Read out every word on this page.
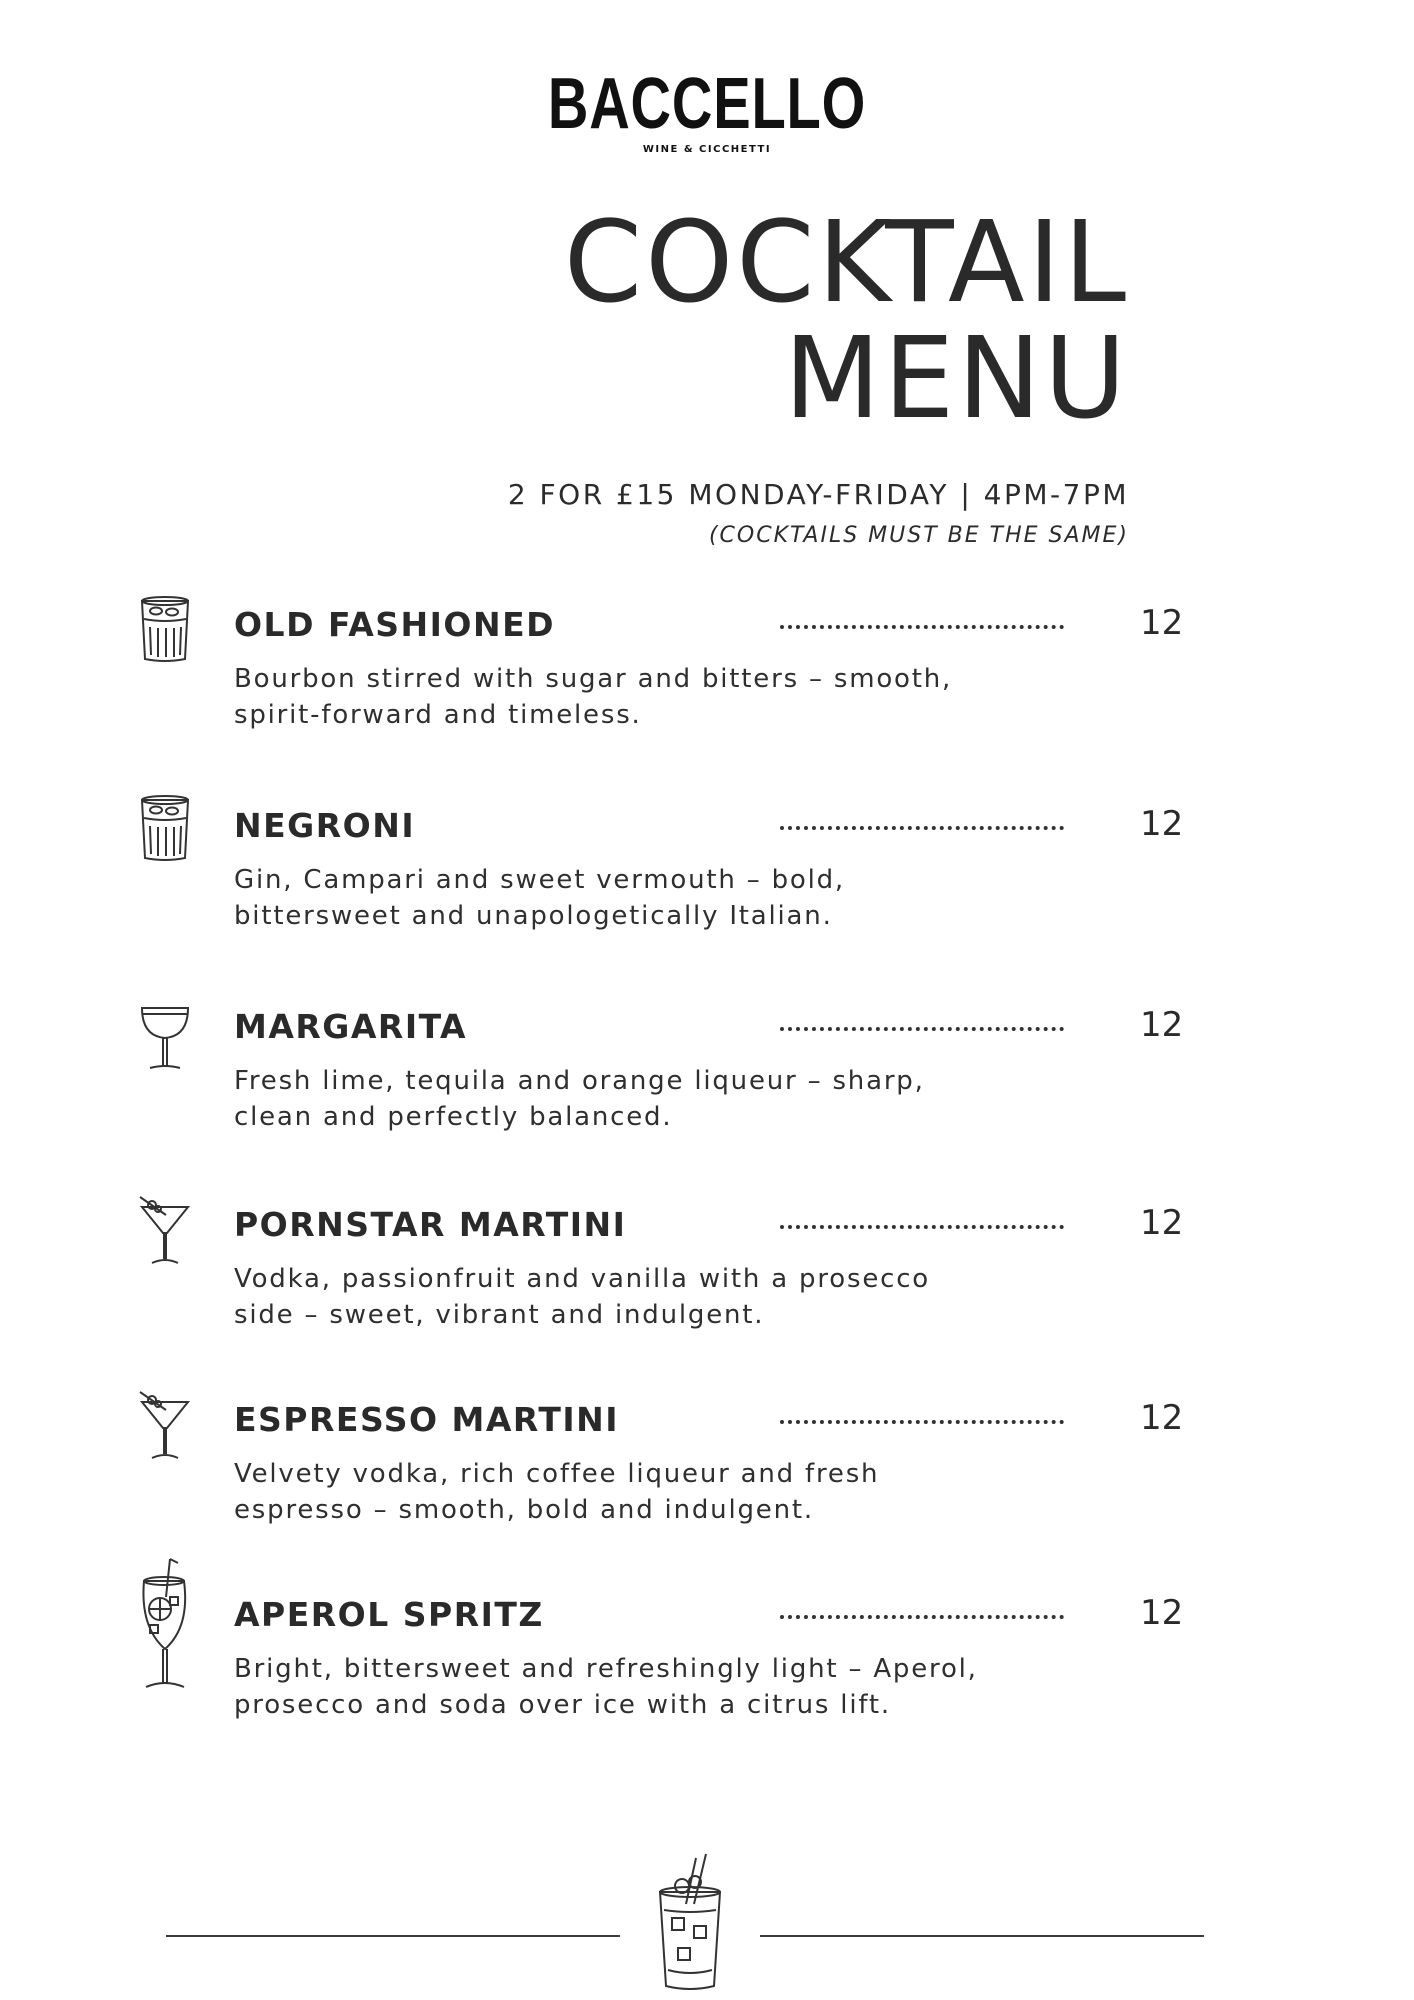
BACCELLO
WINE & CICCHETTI
COCKTAIL
MENU
2 FOR £15 MONDAY-FRIDAY | 4PM-7PM
(COCKTAILS MUST BE THE SAME)
OLD FASHIONED	12
Bourbon stirred with sugar and bitters – smooth, spirit-forward and timeless.
NEGRONI	12
Gin, Campari and sweet vermouth – bold, bittersweet and unapologetically Italian.
MARGARITA	12
Fresh lime, tequila and orange liqueur – sharp, clean and perfectly balanced.
PORNSTAR MARTINI	12
Vodka, passionfruit and vanilla with a prosecco side – sweet, vibrant and indulgent.
ESPRESSO MARTINI	12
Velvety vodka, rich coffee liqueur and fresh espresso – smooth, bold and indulgent.
APEROL SPRITZ	12
Bright, bittersweet and refreshingly light – Aperol, prosecco and soda over ice with a citrus lift.
